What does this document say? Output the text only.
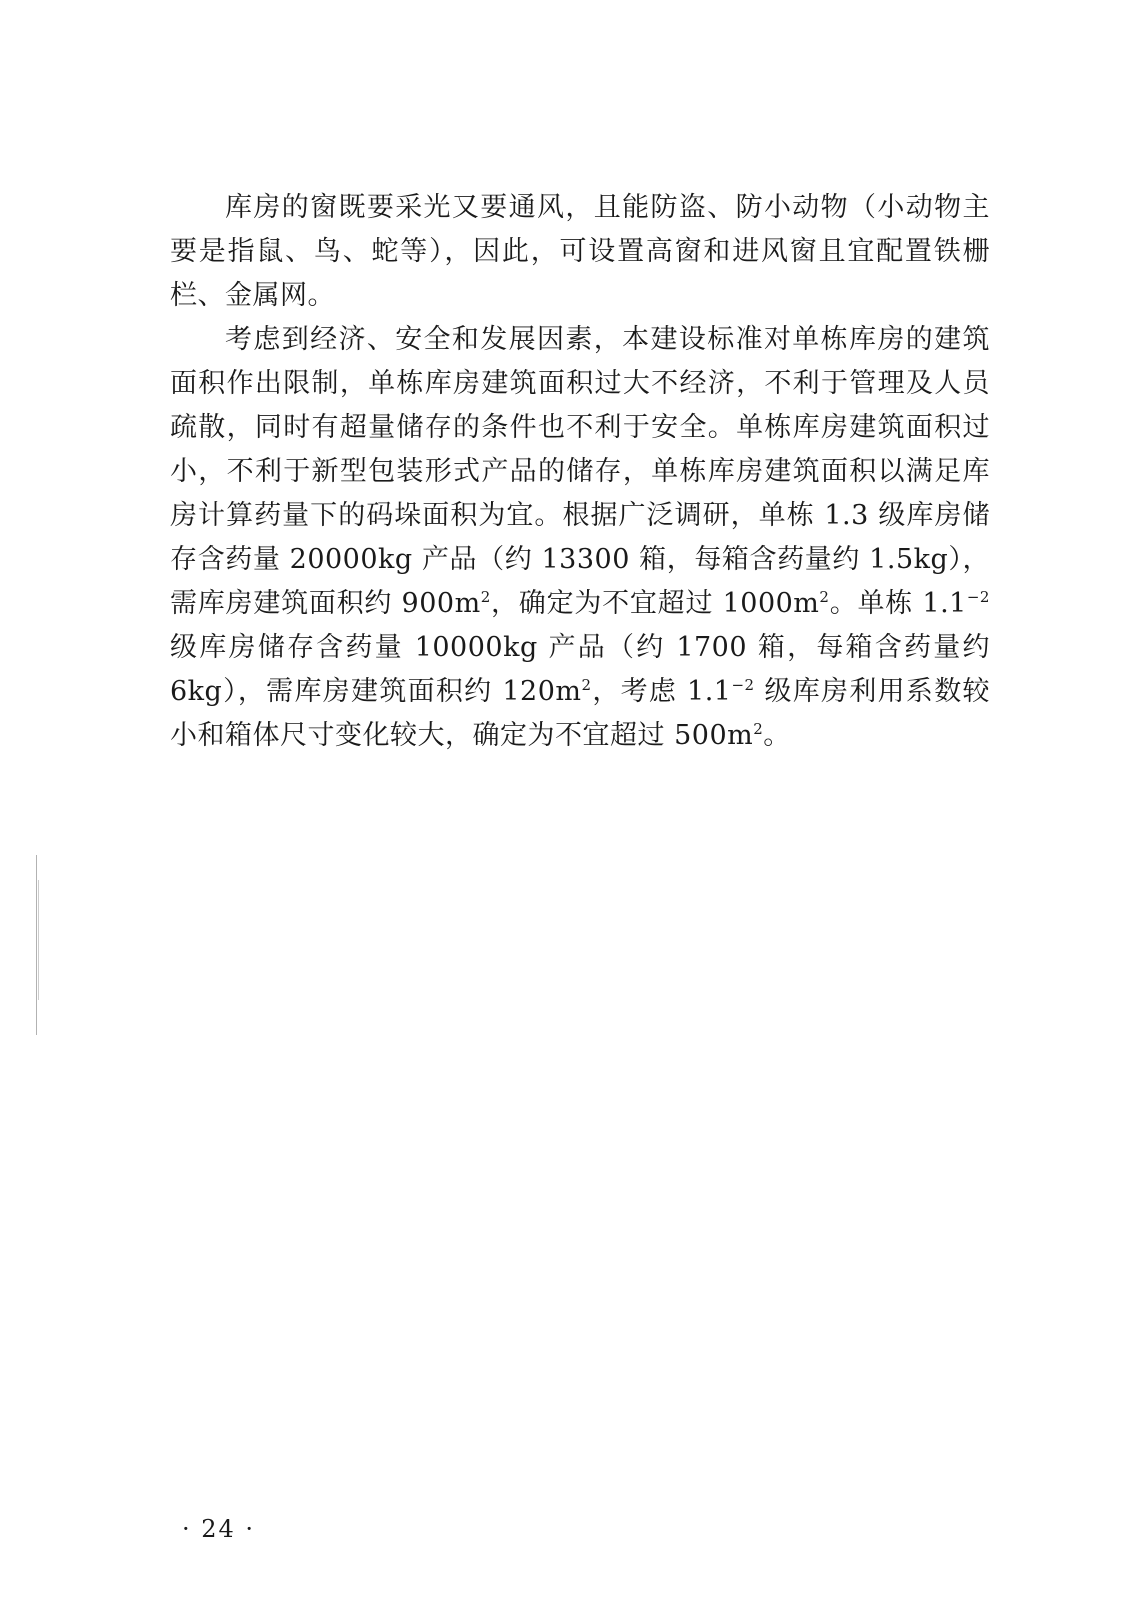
库房的窗既要采光又要通风，且能防盗、防小动物（小动物主要是指鼠、鸟、蛇等），因此，可设置高窗和进风窗且宜配置铁栅栏、金属网。

考虑到经济、安全和发展因素，本建设标准对单栋库房的建筑面积作出限制，单栋库房建筑面积过大不经济，不利于管理及人员疏散，同时有超量储存的条件也不利于安全。单栋库房建筑面积过小，不利于新型包装形式产品的储存，单栋库房建筑面积以满足库房计算药量下的码垛面积为宜。根据广泛调研，单栋 1.3 级库房储存含药量 20000kg 产品（约 13300 箱，每箱含药量约 1.5kg），需库房建筑面积约 $900m^2$，确定为不宜超过 $1000m^2$。单栋 $1.1^{-2}$ 级库房储存含药量 10000kg 产品（约 1700 箱，每箱含药量约 6kg），需库房建筑面积约 $120m^2$，考虑 $1.1^{-2}$ 级库房利用系数较小和箱体尺寸变化较大，确定为不宜超过 $500m^2$。

· 24 ·
